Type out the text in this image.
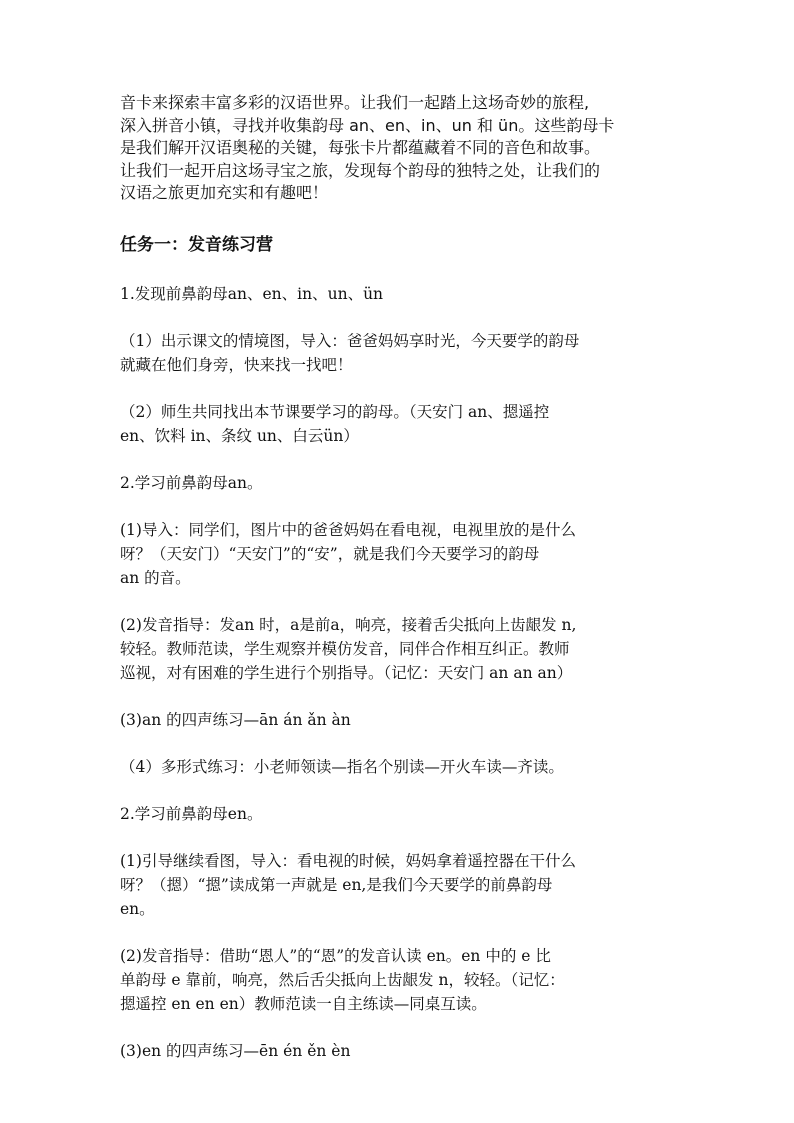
音卡来探索丰富多彩的汉语世界。让我们一起踏上这场奇妙的旅程,
深入拼音小镇，寻找并收集韵母 an、en、in、un 和 ün。这些韵母卡
是我们解开汉语奥秘的关键，每张卡片都蕴藏着不同的音色和故事。
让我们一起开启这场寻宝之旅，发现每个韵母的独特之处，让我们的
汉语之旅更加充实和有趣吧！
任务一：发音练习营
1.发现前鼻韵母an、en、in、un、ün
（1）出示课文的情境图，导入：爸爸妈妈享时光，今天要学的韵母
就藏在他们身旁，快来找一找吧！
（2）师生共同找出本节课要学习的韵母。（天安门 an、摁遥控
en、饮料 in、条纹 un、白云ün）
2.学习前鼻韵母an。
(1)导入：同学们，图片中的爸爸妈妈在看电视，电视里放的是什么
呀？（天安门）“天安门”的“安”，就是我们今天要学习的韵母
an 的音。
(2)发音指导：发an 时，a是前a，响亮，接着舌尖抵向上齿龈发 n,
较轻。教师范读，学生观察并模仿发音，同伴合作相互纠正。教师
巡视，对有困难的学生进行个别指导。（记忆：天安门 an an an）
(3)an 的四声练习—ān án ǎn àn
（4）多形式练习：小老师领读—指名个别读—开火车读—齐读。
2.学习前鼻韵母en。
(1)引导继续看图，导入：看电视的时候，妈妈拿着遥控器在干什么
呀？（摁）“摁”读成第一声就是 en,是我们今天要学的前鼻韵母
en。
(2)发音指导：借助“恩人”的“恩”的发音认读 en。en 中的 e 比
单韵母 e 靠前，响亮，然后舌尖抵向上齿龈发 n，较轻。（记忆：
摁遥控 en en en）教师范读一自主练读—同桌互读。
(3)en 的四声练习—ēn én ěn èn
